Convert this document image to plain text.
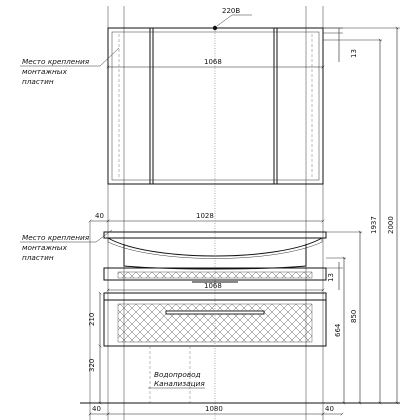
220В
1068
13
Место крепления
монтажных
пластин
40	1028
Место крепления
монтажных
пластин
13
1068
210
320
Водопровод
Канализация
40	1080	40
1937 2000
850
664
